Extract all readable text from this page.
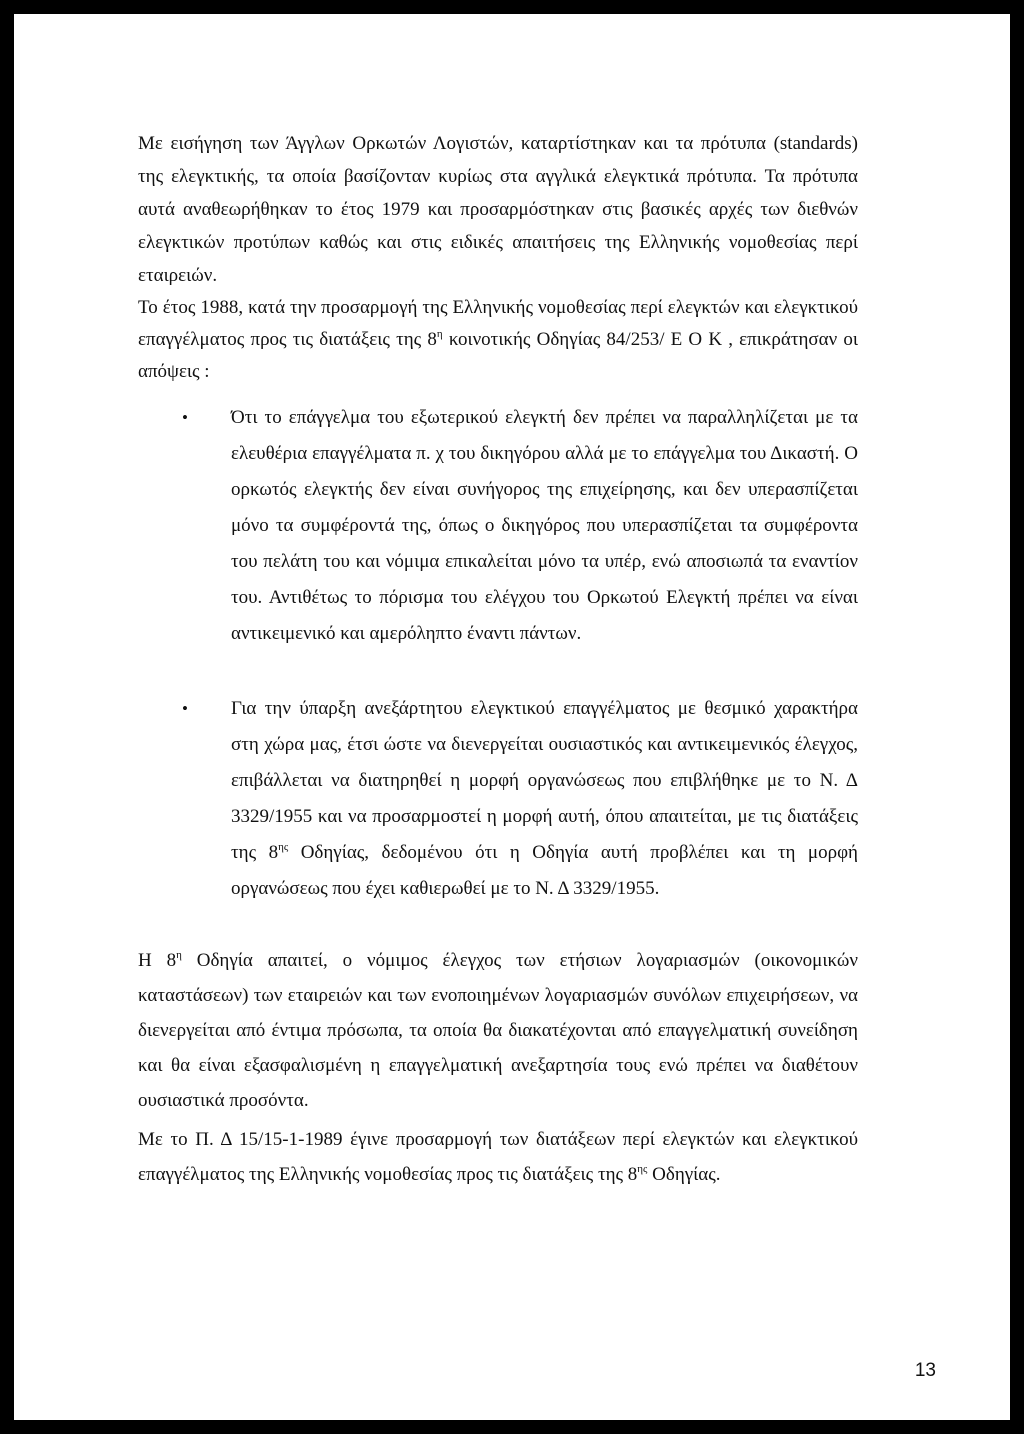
Με εισήγηση των Άγγλων Ορκωτών Λογιστών, καταρτίστηκαν και τα πρότυπα (standards) της ελεγκτικής, τα οποία βασίζονταν κυρίως στα αγγλικά ελεγκτικά πρότυπα. Τα πρότυπα αυτά αναθεωρήθηκαν το έτος 1979 και προσαρμόστηκαν στις βασικές αρχές των διεθνών ελεγκτικών προτύπων καθώς και στις ειδικές απαιτήσεις της Ελληνικής νομοθεσίας περί εταιρειών.

Το έτος 1988, κατά την προσαρμογή της Ελληνικής νομοθεσίας περί ελεγκτών και ελεγκτικού επαγγέλματος προς τις διατάξεις της $8^\eta$ κοινοτικής Οδηγίας 84/253/ Ε Ο Κ , επικράτησαν οι απόψεις :

• Ότι το επάγγελμα του εξωτερικού ελεγκτή δεν πρέπει να παραλληλίζεται με τα ελευθέρια επαγγέλματα π. χ του δικηγόρου αλλά με το επάγγελμα του Δικαστή. Ο ορκωτός ελεγκτής δεν είναι συνήγορος της επιχείρησης, και δεν υπερασπίζεται μόνο τα συμφέροντά της, όπως ο δικηγόρος που υπερασπίζεται τα συμφέροντα του πελάτη του και νόμιμα επικαλείται μόνο τα υπέρ, ενώ αποσιωπά τα εναντίον του. Αντιθέτως το πόρισμα του ελέγχου του Ορκωτού Ελεγκτή πρέπει να είναι αντικειμενικό και αμερόληπτο έναντι πάντων.
• Για την ύπαρξη ανεξάρτητου ελεγκτικού επαγγέλματος με θεσμικό χαρακτήρα στη χώρα μας, έτσι ώστε να διενεργείται ουσιαστικός και αντικειμενικός έλεγχος, επιβάλλεται να διατηρηθεί η μορφή οργανώσεως που επιβλήθηκε με το Ν. Δ 3329/1955 και να προσαρμοστεί η μορφή αυτή, όπου απαιτείται, με τις διατάξεις της $8^{\eta\varsigma}$ Οδηγίας, δεδομένου ότι η Οδηγία αυτή προβλέπει και τη μορφή οργανώσεως που έχει καθιερωθεί με το Ν. Δ 3329/1955.

Η $8^\eta$ Οδηγία απαιτεί, ο νόμιμος έλεγχος των ετήσιων λογαριασμών (οικονομικών καταστάσεων) των εταιρειών και των ενοποιημένων λογαριασμών συνόλων επιχειρήσεων, να διενεργείται από έντιμα πρόσωπα, τα οποία θα διακατέχονται από επαγγελματική συνείδηση και θα είναι εξασφαλισμένη η επαγγελματική ανεξαρτησία τους ενώ πρέπει να διαθέτουν ουσιαστικά προσόντα.

Με το Π. Δ 15/15-1-1989 έγινε προσαρμογή των διατάξεων περί ελεγκτών και ελεγκτικού επαγγέλματος της Ελληνικής νομοθεσίας προς τις διατάξεις της $8^{\eta\varsigma}$ Οδηγίας.

13
